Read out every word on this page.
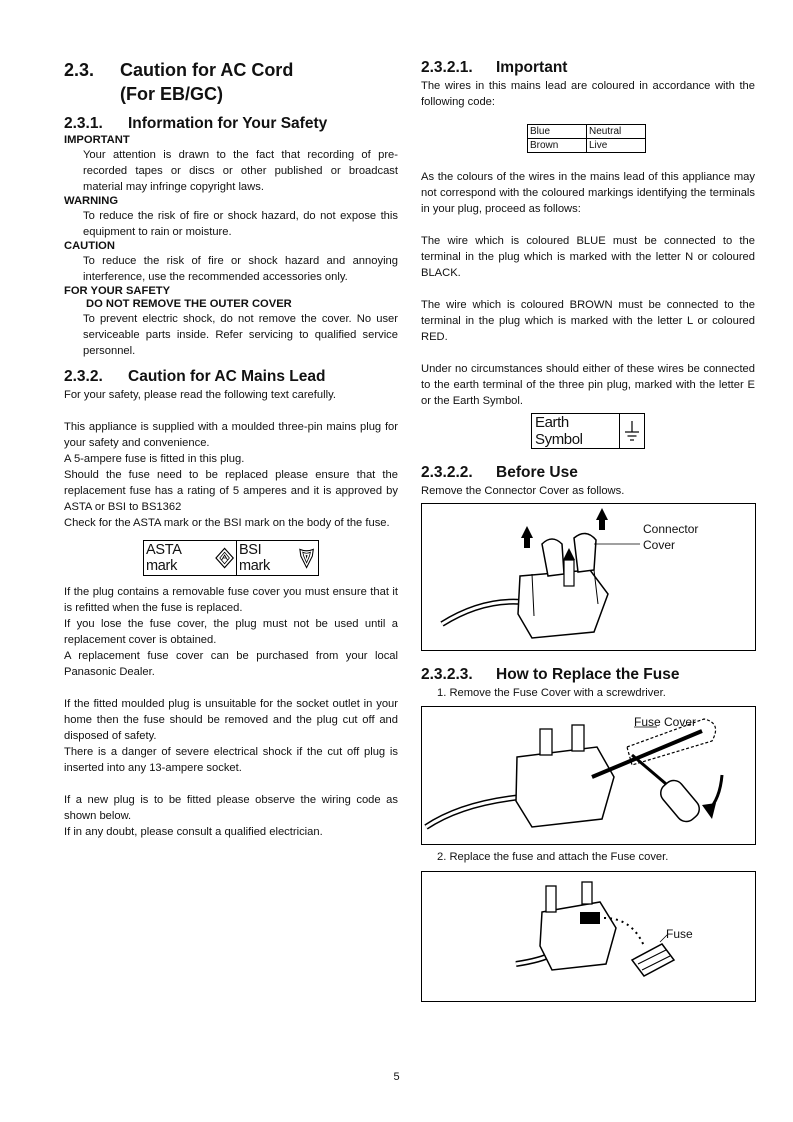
2.3. Caution for AC Cord
(For EB/GC)
2.3.1. Information for Your Safety
IMPORTANT

Your attention is drawn to the fact that recording of pre-recorded tapes or discs or other published or broadcast material may infringe copyright laws.

WARNING

To reduce the risk of fire or shock hazard, do not expose this equipment to rain or moisture.

CAUTION

To reduce the risk of fire or shock hazard and annoying interference, use the recommended accessories only.

FOR YOUR SAFETY
DO NOT REMOVE THE OUTER COVER

To prevent electric shock, do not remove the cover. No user serviceable parts inside. Refer servicing to qualified service personnel.

2.3.2. Caution for AC Mains Lead

For your safety, please read the following text carefully.

This appliance is supplied with a moulded three-pin mains plug for your safety and convenience.

A 5-ampere fuse is fitted in this plug.

Should the fuse need to be replaced please ensure that the replacement fuse has a rating of 5 amperes and it is approved by ASTA or BSI to BS1362

Check for the ASTA mark or the BSI mark on the body of the fuse.

ASTA mark
BSI mark

If the plug contains a removable fuse cover you must ensure that it is refitted when the fuse is replaced.

If you lose the fuse cover, the plug must not be used until a replacement cover is obtained.

A replacement fuse cover can be purchased from your local Panasonic Dealer.

If the fitted moulded plug is unsuitable for the socket outlet in your home then the fuse should be removed and the plug cut off and disposed of safety.

There is a danger of severe electrical shock if the cut off plug is inserted into any 13-ampere socket.

If a new plug is to be fitted please observe the wiring code as shown below.

If in any doubt, please consult a qualified electrician.

2.3.2.1. Important

The wires in this mains lead are coloured in accordance with the following code:

Blue	Neutral
Brown	Live

As the colours of the wires in the mains lead of this appliance may not correspond with the coloured markings identifying the terminals in your plug, proceed as follows:

The wire which is coloured BLUE must be connected to the terminal in the plug which is marked with the letter N or coloured BLACK.

The wire which is coloured BROWN must be connected to the terminal in the plug which is marked with the letter L or coloured RED.

Under no circumstances should either of these wires be connected to the earth terminal of the three pin plug, marked with the letter E or the Earth Symbol.

Earth Symbol
2.3.2.2. Before Use

Remove the Connector Cover as follows.

Connector
Cover
2.3.2.3. How to Replace the Fuse
1. Remove the Fuse Cover with a screwdriver.
Fuse Cover
2. Replace the fuse and attach the Fuse cover.
Fuse
5
